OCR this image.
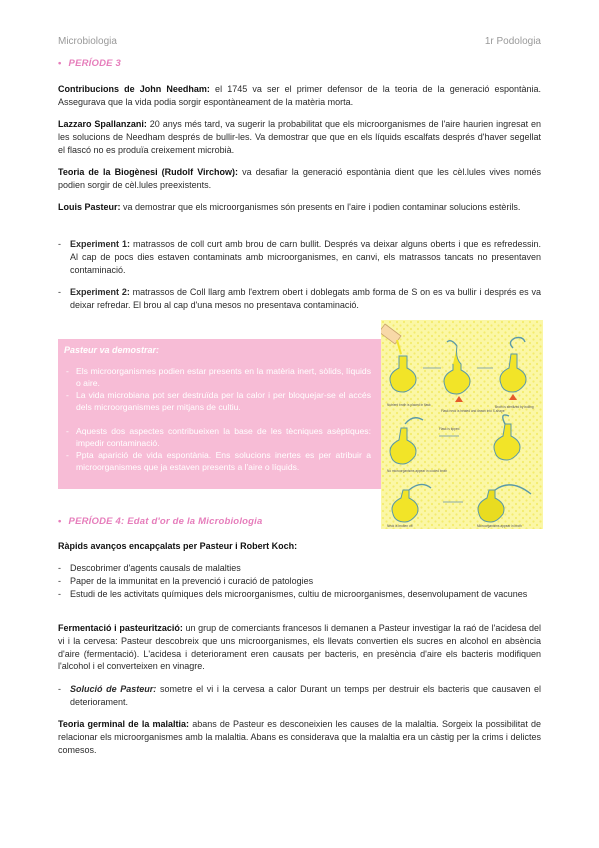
Microbiologia	1r Podologia
• PERÍODE 3
Contribucions de John Needham: el 1745 va ser el primer defensor de la teoria de la generació espontània. Assegurava que la vida podia sorgir espontàneament de la matèria morta.
Lazzaro Spallanzani: 20 anys més tard, va sugerir la probabilitat que els microorganismes de l'aire haurien ingresat en les solucions de Needham després de bullir-les. Va demostrar que que en els líquids escalfats després d'haver segellat el flascó no es produïa creixement microbià.
Teoria de la Biogènesi (Rudolf Virchow): va desafiar la generació espontània dient que les cèl.lules vives només podien sorgir de cèl.lules preexistents.
Louis Pasteur: va demostrar que els microorganismes són presents en l'aire i podien contaminar solucions estèrils.
- Experiment 1: matrassos de coll curt amb brou de carn bullit. Després va deixar alguns oberts i que es refredessin. Al cap de pocs dies estaven contaminats amb microorganismes, en canvi, els matrassos tancats no presentaven contaminació.
- Experiment 2: matrassos de Coll llarg amb l'extrem obert i doblegats amb forma de S on es va bullir i després es va deixar refredar. El brou al cap d'una mesos no presentava contaminació.
Pasteur va demostrar:
- Els microorganismes podien estar presents en la matèria inert, sòlids, líquids o aire.
- La vida microbiana pot ser destruïda per la calor i per bloquejar-se el accés dels microorganismes per mitjans de cultiu.
- Aquests dos aspectes contribueixen la base de les tècniques asèptiques: impedir contaminació.
- Ppta aparició de vida espontània. Ens solucions inertes es per atribuir a microorganismes que ja estaven presents a l'aire o líquids.
Nutrient broth is placed in flask
Flask neck is heated and drawn into S-shape
Broth is sterilized by boiling
No microorganisms appear in cooled broth
Flask is tipped
Neck is broken off	Microorganisms appear in broth
• PERÍODE 4: Edat d'or de la Microbiologia
Ràpids avanços encapçalats per Pasteur i Robert Koch:
- Descobrimer d'agents causals de malalties
- Paper de la immunitat en la prevenció i curació de patologies
- Estudi de les activitats químiques dels microorganismes, cultiu de microorganismes, desenvolupament de vacunes
Fermentació i pasteurització: un grup de comerciants francesos li demanen a Pasteur investigar la raó de l'acidesa del vi i la cervesa: Pasteur descobreix que uns microorganismes, els llevats convertien els sucres en alcohol en absència d'aire (fermentació). L'acidesa i deteriorament eren causats per bacteris, en presència d'aire els bacteris modifiquen l'alcohol i el converteixen en vinagre.
- Solució de Pasteur: sometre el vi i la cervesa a calor Durant un temps per destruir els bacteris que causaven el deteriorament.
Teoria germinal de la malaltia: abans de Pasteur es desconeixien les causes de la malaltia. Sorgeix la possibilitat de relacionar els microorganismes amb la malaltia. Abans es considerava que la malaltia era un càstig per la crims i delictes comesos.
